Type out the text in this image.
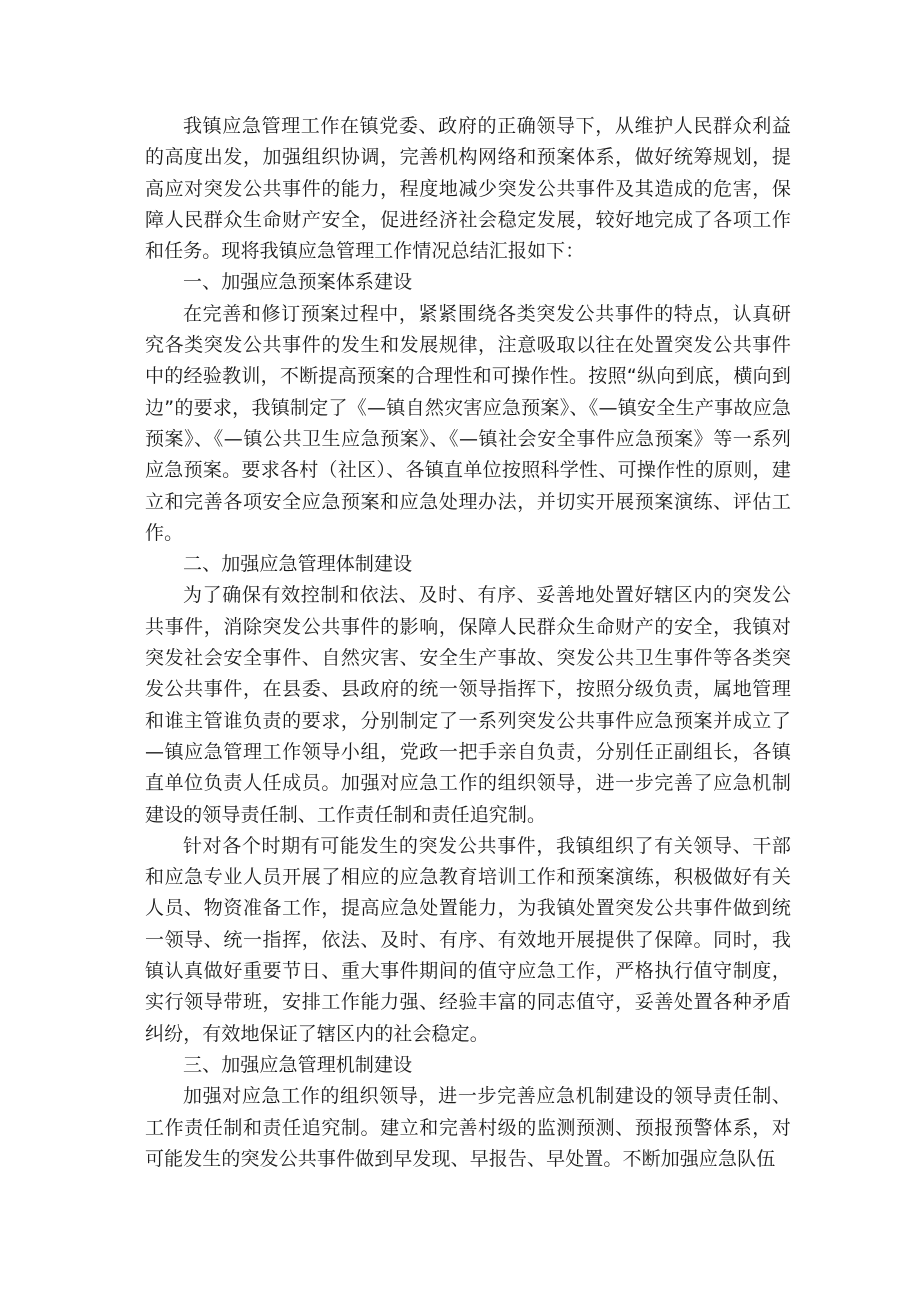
我镇应急管理工作在镇党委、政府的正确领导下，从维护人民群众利益的高度出发，加强组织协调，完善机构网络和预案体系，做好统筹规划，提高应对突发公共事件的能力，程度地减少突发公共事件及其造成的危害，保障人民群众生命财产安全，促进经济社会稳定发展，较好地完成了各项工作和任务。现将我镇应急管理工作情况总结汇报如下：

一、加强应急预案体系建设

在完善和修订预案过程中，紧紧围绕各类突发公共事件的特点，认真研究各类突发公共事件的发生和发展规律，注意吸取以往在处置突发公共事件中的经验教训，不断提高预案的合理性和可操作性。按照“纵向到底，横向到边”的要求，我镇制定了《—镇自然灾害应急预案》、《—镇安全生产事故应急预案》、《—镇公共卫生应急预案》、《—镇社会安全事件应急预案》等一系列应急预案。要求各村（社区）、各镇直单位按照科学性、可操作性的原则，建立和完善各项安全应急预案和应急处理办法，并切实开展预案演练、评估工作。

二、加强应急管理体制建设

为了确保有效控制和依法、及时、有序、妥善地处置好辖区内的突发公共事件，消除突发公共事件的影响，保障人民群众生命财产的安全，我镇对突发社会安全事件、自然灾害、安全生产事故、突发公共卫生事件等各类突发公共事件，在县委、县政府的统一领导指挥下，按照分级负责，属地管理和谁主管谁负责的要求，分别制定了一系列突发公共事件应急预案并成立了—镇应急管理工作领导小组，党政一把手亲自负责，分别任正副组长，各镇直单位负责人任成员。加强对应急工作的组织领导，进一步完善了应急机制建设的领导责任制、工作责任制和责任追究制。

针对各个时期有可能发生的突发公共事件，我镇组织了有关领导、干部和应急专业人员开展了相应的应急教育培训工作和预案演练，积极做好有关人员、物资准备工作，提高应急处置能力，为我镇处置突发公共事件做到统一领导、统一指挥，依法、及时、有序、有效地开展提供了保障。同时，我镇认真做好重要节日、重大事件期间的值守应急工作，严格执行值守制度，实行领导带班，安排工作能力强、经验丰富的同志值守，妥善处置各种矛盾纠纷，有效地保证了辖区内的社会稳定。

三、加强应急管理机制建设

加强对应急工作的组织领导，进一步完善应急机制建设的领导责任制、工作责任制和责任追究制。建立和完善村级的监测预测、预报预警体系，对可能发生的突发公共事件做到早发现、早报告、早处置。不断加强应急队伍
